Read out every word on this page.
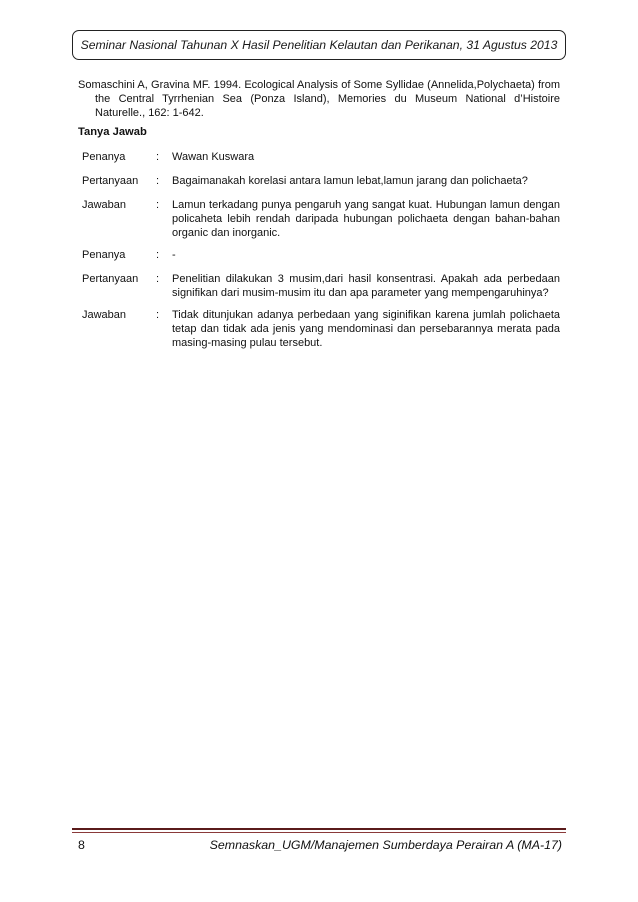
Seminar Nasional Tahunan X Hasil Penelitian Kelautan dan Perikanan, 31 Agustus 2013
Somaschini A, Gravina MF. 1994. Ecological Analysis of Some Syllidae (Annelida,Polychaeta) from the Central Tyrrhenian Sea (Ponza Island), Memories du Museum National d’Histoire Naturelle., 162: 1-642.
Tanya Jawab
Penanya	:	Wawan Kuswara
Pertanyaan	:	Bagaimanakah korelasi antara lamun lebat,lamun jarang dan polichaeta?
Jawaban	:	Lamun terkadang punya pengaruh yang sangat kuat. Hubungan lamun dengan policaheta lebih rendah daripada hubungan polichaeta dengan bahan-bahan organic dan inorganic.
Penanya	:	-
Pertanyaan	:	Penelitian dilakukan 3 musim,dari hasil konsentrasi. Apakah ada perbedaan signifikan dari musim-musim itu dan apa parameter yang mempengaruhinya?
Jawaban	:	Tidak ditunjukan adanya perbedaan yang siginifikan karena jumlah polichaeta tetap dan tidak ada jenis yang mendominasi dan persebarannya merata pada masing-masing pulau tersebut.
8	Semnaskan_UGM/Manajemen Sumberdaya Perairan A (MA-17)
